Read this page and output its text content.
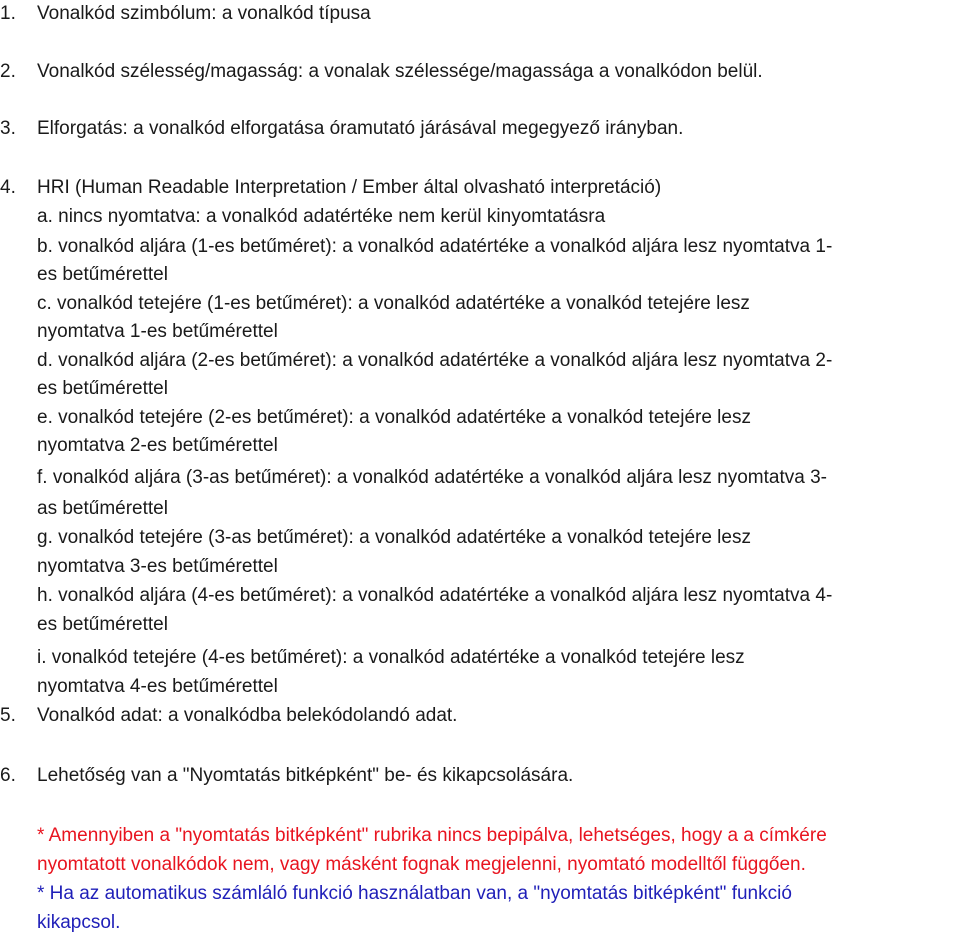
1. Vonalkód szimbólum: a vonalkód típusa
2. Vonalkód szélesség/magasság: a vonalak szélessége/magassága a vonalkódon belül.
3. Elforgatás: a vonalkód elforgatása óramutató járásával megegyező irányban.
4. HRI (Human Readable Interpretation / Ember által olvasható interpretáció)
a. nincs nyomtatva: a vonalkód adatértéke nem kerül kinyomtatásra
b. vonalkód aljára (1-es betűméret): a vonalkód adatértéke a vonalkód aljára lesz nyomtatva 1-
es betűmérettel
c. vonalkód tetejére (1-es betűméret): a vonalkód adatértéke a vonalkód tetejére lesz
nyomtatva 1-es betűmérettel
d. vonalkód aljára (2-es betűméret): a vonalkód adatértéke a vonalkód aljára lesz nyomtatva 2-
es betűmérettel
e. vonalkód tetejére (2-es betűméret): a vonalkód adatértéke a vonalkód tetejére lesz
nyomtatva 2-es betűmérettel
f. vonalkód aljára (3-as betűméret): a vonalkód adatértéke a vonalkód aljára lesz nyomtatva 3-
as betűmérettel
g. vonalkód tetejére (3-as betűméret): a vonalkód adatértéke a vonalkód tetejére lesz
nyomtatva 3-es betűmérettel
h. vonalkód aljára (4-es betűméret): a vonalkód adatértéke a vonalkód aljára lesz nyomtatva 4-
es betűmérettel
i. vonalkód tetejére (4-es betűméret): a vonalkód adatértéke a vonalkód tetejére lesz
nyomtatva 4-es betűmérettel
5. Vonalkód adat: a vonalkódba belekódolandó adat.
6. Lehetőség van a "Nyomtatás bitképként" be- és kikapcsolására.
* Amennyiben a "nyomtatás bitképként" rubrika nincs bepipálva, lehetséges, hogy a a címkére
nyomtatott vonalkódok nem, vagy másként fognak megjelenni, nyomtató modelltől függően.
* Ha az automatikus számláló funkció használatban van, a "nyomtatás bitképként" funkció
kikapcsol.
